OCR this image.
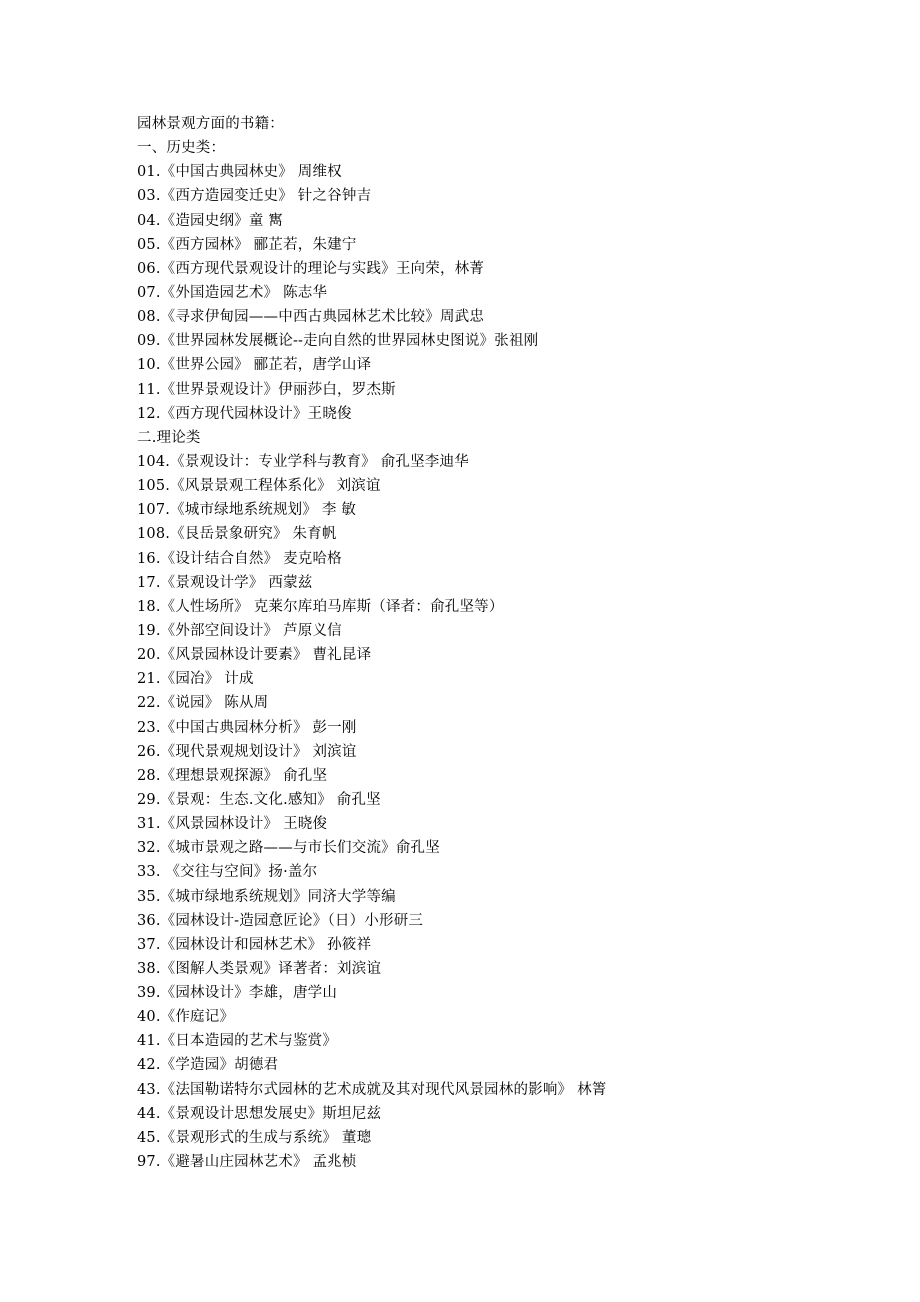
园林景观方面的书籍：
一、历史类：
01.《中国古典园林史》 周维权
03.《西方造园变迁史》 针之谷钟吉
04.《造园史纲》童 寯
05.《西方园林》 郦芷若，朱建宁
06.《西方现代景观设计的理论与实践》王向荣，林菁
07.《外国造园艺术》 陈志华
08.《寻求伊甸园——中西古典园林艺术比较》周武忠
09.《世界园林发展概论--走向自然的世界园林史图说》张祖刚
10.《世界公园》 郦芷若，唐学山译
11.《世界景观设计》伊丽莎白，罗杰斯
12.《西方现代园林设计》王晓俊
二.理论类
104.《景观设计：专业学科与教育》 俞孔坚李迪华
105.《风景景观工程体系化》 刘滨谊
107.《城市绿地系统规划》 李 敏
108.《艮岳景象研究》 朱育帆
16.《设计结合自然》 麦克哈格
17.《景观设计学》 西蒙兹
18.《人性场所》 克莱尔库珀马库斯（译者：俞孔坚等）
19.《外部空间设计》 芦原义信
20.《风景园林设计要素》 曹礼昆译
21.《园冶》 计成
22.《说园》 陈从周
23.《中国古典园林分析》 彭一刚
26.《现代景观规划设计》 刘滨谊
28.《理想景观探源》 俞孔坚
29.《景观：生态.文化.感知》 俞孔坚
31.《风景园林设计》 王晓俊
32.《城市景观之路——与市长们交流》俞孔坚
33. 《交往与空间》扬·盖尔
35.《城市绿地系统规划》同济大学等编
36.《园林设计-造园意匠论》（日）小形研三
37.《园林设计和园林艺术》 孙筱祥
38.《图解人类景观》译著者：刘滨谊
39.《园林设计》李雄，唐学山
40.《作庭记》
41.《日本造园的艺术与鉴赏》
42.《学造园》胡德君
43.《法国勒诺特尔式园林的艺术成就及其对现代风景园林的影响》 林箐
44.《景观设计思想发展史》斯坦尼兹
45.《景观形式的生成与系统》 董璁
97.《避暑山庄园林艺术》 孟兆桢
